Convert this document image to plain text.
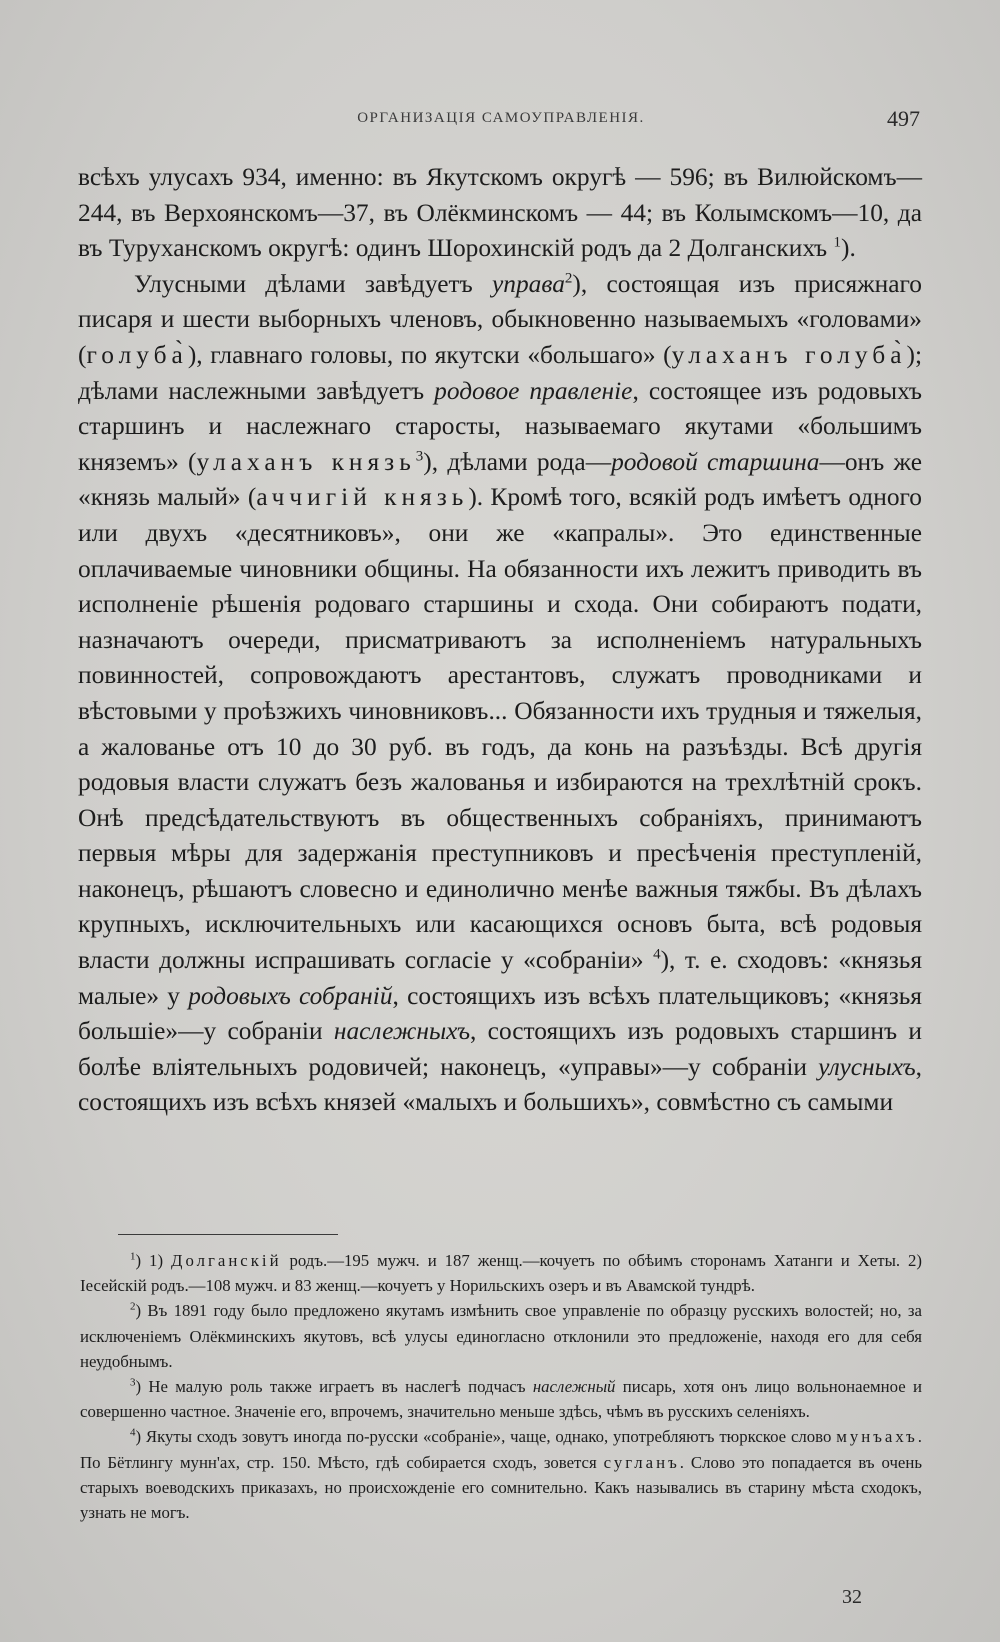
ОРГАНИЗАЦІЯ САМОУПРАВЛЕНІЯ.	497

всѣхъ улусахъ 934, именно: въ Якутскомъ округѣ — 596; въ Вилюйскомъ—244, въ Верхоянскомъ—37, въ Олёкминскомъ — 44; въ Колымскомъ—10, да въ Туруханскомъ округѣ: одинъ Шорохинскій родъ да 2 Долганскихъ $^1$).

Улусными дѣлами завѣдуетъ управа$^2$), состоящая изъ присяжнаго писаря и шести выборныхъ членовъ, обыкновенно называемыхъ «головами» (голуба̀), главнаго головы, по якутски «большаго» (улаханъ голуба̀); дѣлами наслежными завѣдуетъ родовое правленіе, состоящее изъ родовыхъ старшинъ и наслежнаго старосты, называемаго якутами «большимъ княземъ» (улаханъ князь$^3$), дѣлами рода—родовой старшина—онъ же «князь малый» (аччигій князь). Кромѣ того, всякій родъ имѣетъ одного или двухъ «десятниковъ», они же «капралы». Это единственные оплачиваемые чиновники общины. На обязанности ихъ лежитъ приводить въ исполненіе рѣшенія родоваго старшины и схода. Они собираютъ подати, назначаютъ очереди, присматриваютъ за исполненіемъ натуральныхъ повинностей, сопровождаютъ арестантовъ, служатъ проводниками и вѣстовыми у проѣзжихъ чиновниковъ... Обязанности ихъ трудныя и тяжелыя, а жалованье отъ 10 до 30 руб. въ годъ, да конь на разъѣзды. Всѣ другія родовыя власти служатъ безъ жалованья и избираются на трехлѣтній срокъ. Онѣ предсѣдательствуютъ въ общественныхъ собраніяхъ, принимаютъ первыя мѣры для задержанія преступниковъ и пресѣченія преступленій, наконецъ, рѣшаютъ словесно и единолично менѣе важныя тяжбы. Въ дѣлахъ крупныхъ, исключительныхъ или касающихся основъ быта, всѣ родовыя власти должны испрашивать согласіе у «собраніи» $^4$), т. е. сходовъ: «князья малые» у родовыхъ собраній, состоящихъ изъ всѣхъ плательщиковъ; «князья большіе»—у собраніи наслежныхъ, состоящихъ изъ родовыхъ старшинъ и болѣе вліятельныхъ родовичей; наконецъ, «управы»—у собраніи улусныхъ, состоящихъ изъ всѣхъ князей «малыхъ и большихъ», совмѣстно съ самыми

$^1$) 1) Долганскій родъ.—195 мужч. и 187 женщ.—кочуетъ по обѣимъ сторонамъ Хатанги и Хеты. 2) Іесейскій родъ.—108 мужч. и 83 женщ.—кочуетъ у Норильскихъ озеръ и въ Авамской тундрѣ.

$^2$) Въ 1891 году было предложено якутамъ измѣнить свое управленіе по образцу русскихъ волостей; но, за исключеніемъ Олёкминскихъ якутовъ, всѣ улусы единогласно отклонили это предложеніе, находя его для себя неудобнымъ.

$^3$) Не малую роль также играетъ въ наслегѣ подчасъ наслежный писарь, хотя онъ лицо вольнонаемное и совершенно частное. Значеніе его, впрочемъ, значительно меньше здѣсь, чѣмъ въ русскихъ селеніяхъ.

$^4$) Якуты сходъ зовутъ иногда по-русски «собраніе», чаще, однако, употребляютъ тюркское слово мунъахъ. По Бётлингу мунн'ах, стр. 150. Мѣсто, гдѣ собирается сходъ, зовется сугланъ. Слово это попадается въ очень старыхъ воеводскихъ приказахъ, но происхожденіе его сомнительно. Какъ назывались въ старину мѣста сходокъ, узнать не могъ.

32
